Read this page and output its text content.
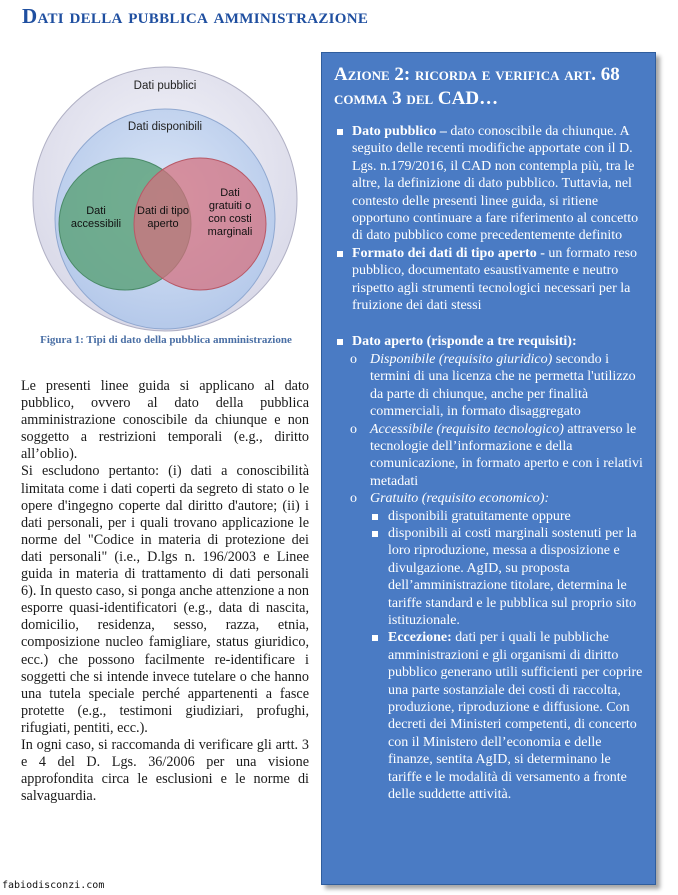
Dati della pubblica amministrazione
Dati pubblici
Dati disponibili
Dati
accessibili
Dati di tipo
aperto
Dati
gratuiti o
con costi
marginali
Figura 1: Tipi di dato della pubblica amministrazione

Le presenti linee guida si applicano al dato pubblico, ovvero al dato della pubblica amministrazione conoscibile da chiunque e non soggetto a restrizioni temporali (e.g., diritto all’oblio).

Si escludono pertanto: (i) dati a conoscibilità limitata come i dati coperti da segreto di stato o le opere d'ingegno coperte dal diritto d'autore; (ii) i dati personali, per i quali trovano applicazione le norme del "Codice in materia di protezione dei dati personali" (i.e., D.lgs n. 196/2003 e Linee guida in materia di trattamento di dati personali 6). In questo caso, si ponga anche attenzione a non esporre quasi-identificatori (e.g., data di nascita, domicilio, residenza, sesso, razza, etnia, composizione nucleo famigliare, status giuridico, ecc.) che possono facilmente re-identificare i soggetti che si intende invece tutelare o che hanno una tutela speciale perché appartenenti a fasce protette (e.g., testimoni giudiziari, profughi, rifugiati, pentiti, ecc.).

In ogni caso, si raccomanda di verificare gli artt. 3 e 4 del D. Lgs. 36/2006 per una visione approfondita circa le esclusioni e le norme di salvaguardia.

Azione 2: ricorda e verifica art. 68 comma 3 del CAD…
Dato pubblico – dato conoscibile da chiunque. A seguito delle recenti modifiche apportate con il D. Lgs. n.179/2016, il CAD non contempla più, tra le altre, la definizione di dato pubblico. Tuttavia, nel contesto delle presenti linee guida, si ritiene opportuno continuare a fare riferimento al concetto di dato pubblico come precedentemente definito
Formato dei dati di tipo aperto - un formato reso pubblico, documentato esaustivamente e neutro rispetto agli strumenti tecnologici necessari per la fruizione dei dati stessi
Dato aperto (risponde a tre requisiti):
o Disponibile (requisito giuridico) secondo i termini di una licenza che ne permetta l'utilizzo da parte di chiunque, anche per finalità commerciali, in formato disaggregato
o Accessibile (requisito tecnologico) attraverso le tecnologie dell’informazione e della comunicazione, in formato aperto e con i relativi metadati
o Gratuito (requisito economico):
disponibili gratuitamente oppure
disponibili ai costi marginali sostenuti per la loro riproduzione, messa a disposizione e divulgazione. AgID, su proposta dell’amministrazione titolare, determina le tariffe standard e le pubblica sul proprio sito istituzionale.
Eccezione: dati per i quali le pubbliche amministrazioni e gli organismi di diritto pubblico generano utili sufficienti per coprire una parte sostanziale dei costi di raccolta, produzione, riproduzione e diffusione. Con decreti dei Ministeri competenti, di concerto con il Ministero dell’economia e delle finanze, sentita AgID, si determinano le tariffe e le modalità di versamento a fronte delle suddette attività.
fabiodisconzi.com
